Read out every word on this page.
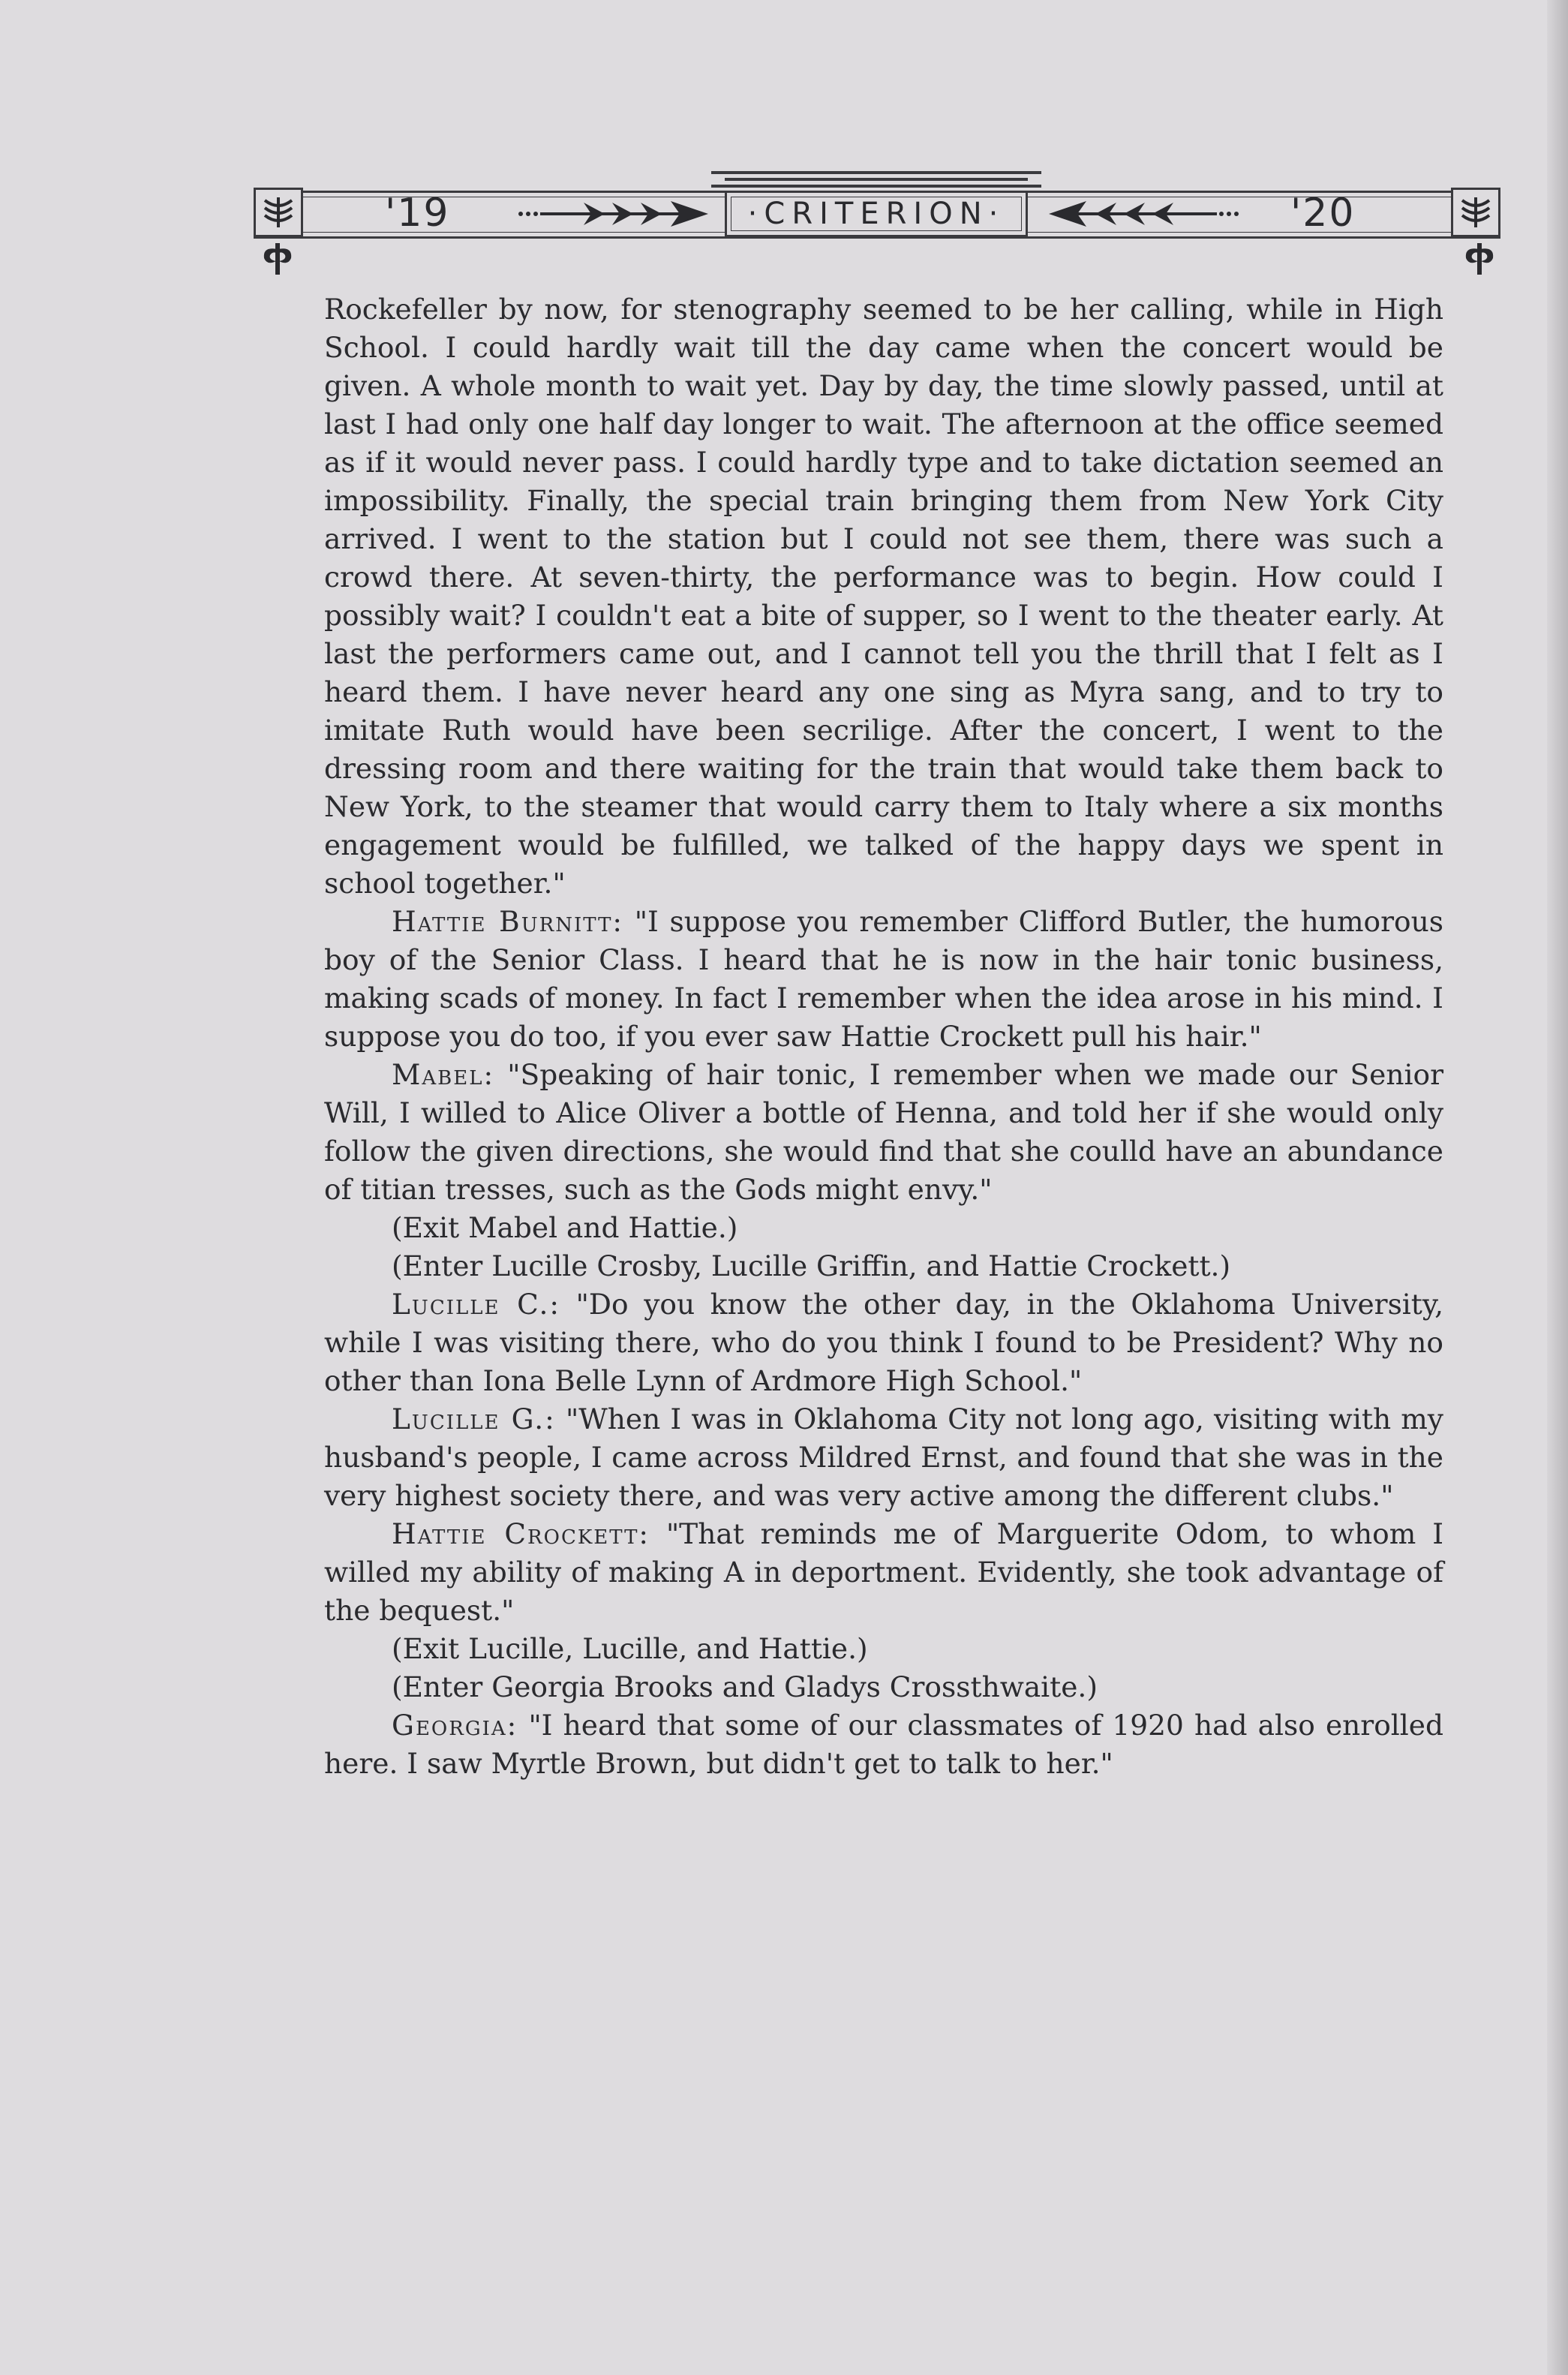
'19	·CRITERION·	'20

Rockefeller by now, for stenography seemed to be her calling, while in High School. I could hardly wait till the day came when the concert would be given. A whole month to wait yet. Day by day, the time slowly passed, until at last I had only one half day longer to wait. The afternoon at the office seemed as if it would never pass. I could hardly type and to take dictation seemed an impossibility. Finally, the special train bringing them from New York City arrived. I went to the station but I could not see them, there was such a crowd there. At seven-thirty, the performance was to begin. How could I possibly wait? I couldn't eat a bite of supper, so I went to the theater early. At last the performers came out, and I cannot tell you the thrill that I felt as I heard them. I have never heard any one sing as Myra sang, and to try to imitate Ruth would have been secrilige. After the concert, I went to the dressing room and there waiting for the train that would take them back to New York, to the steamer that would carry them to Italy where a six months engagement would be fulfilled, we talked of the happy days we spent in school together."

Hattie Burnitt: "I suppose you remember Clifford Butler, the humorous boy of the Senior Class. I heard that he is now in the hair tonic business, making scads of money. In fact I remember when the idea arose in his mind. I suppose you do too, if you ever saw Hattie Crockett pull his hair."

Mabel: "Speaking of hair tonic, I remember when we made our Senior Will, I willed to Alice Oliver a bottle of Henna, and told her if she would only follow the given directions, she would find that she coulld have an abundance of titian tresses, such as the Gods might envy."

(Exit Mabel and Hattie.)

(Enter Lucille Crosby, Lucille Griffin, and Hattie Crockett.)

Lucille C.: "Do you know the other day, in the Oklahoma University, while I was visiting there, who do you think I found to be President? Why no other than Iona Belle Lynn of Ardmore High School."

Lucille G.: "When I was in Oklahoma City not long ago, visiting with my husband's people, I came across Mildred Ernst, and found that she was in the very highest society there, and was very active among the different clubs."

Hattie Crockett: "That reminds me of Marguerite Odom, to whom I willed my ability of making A in deportment. Evidently, she took advantage of the bequest."

(Exit Lucille, Lucille, and Hattie.)

(Enter Georgia Brooks and Gladys Crossthwaite.)

Georgia: "I heard that some of our classmates of 1920 had also enrolled here. I saw Myrtle Brown, but didn't get to talk to her."
